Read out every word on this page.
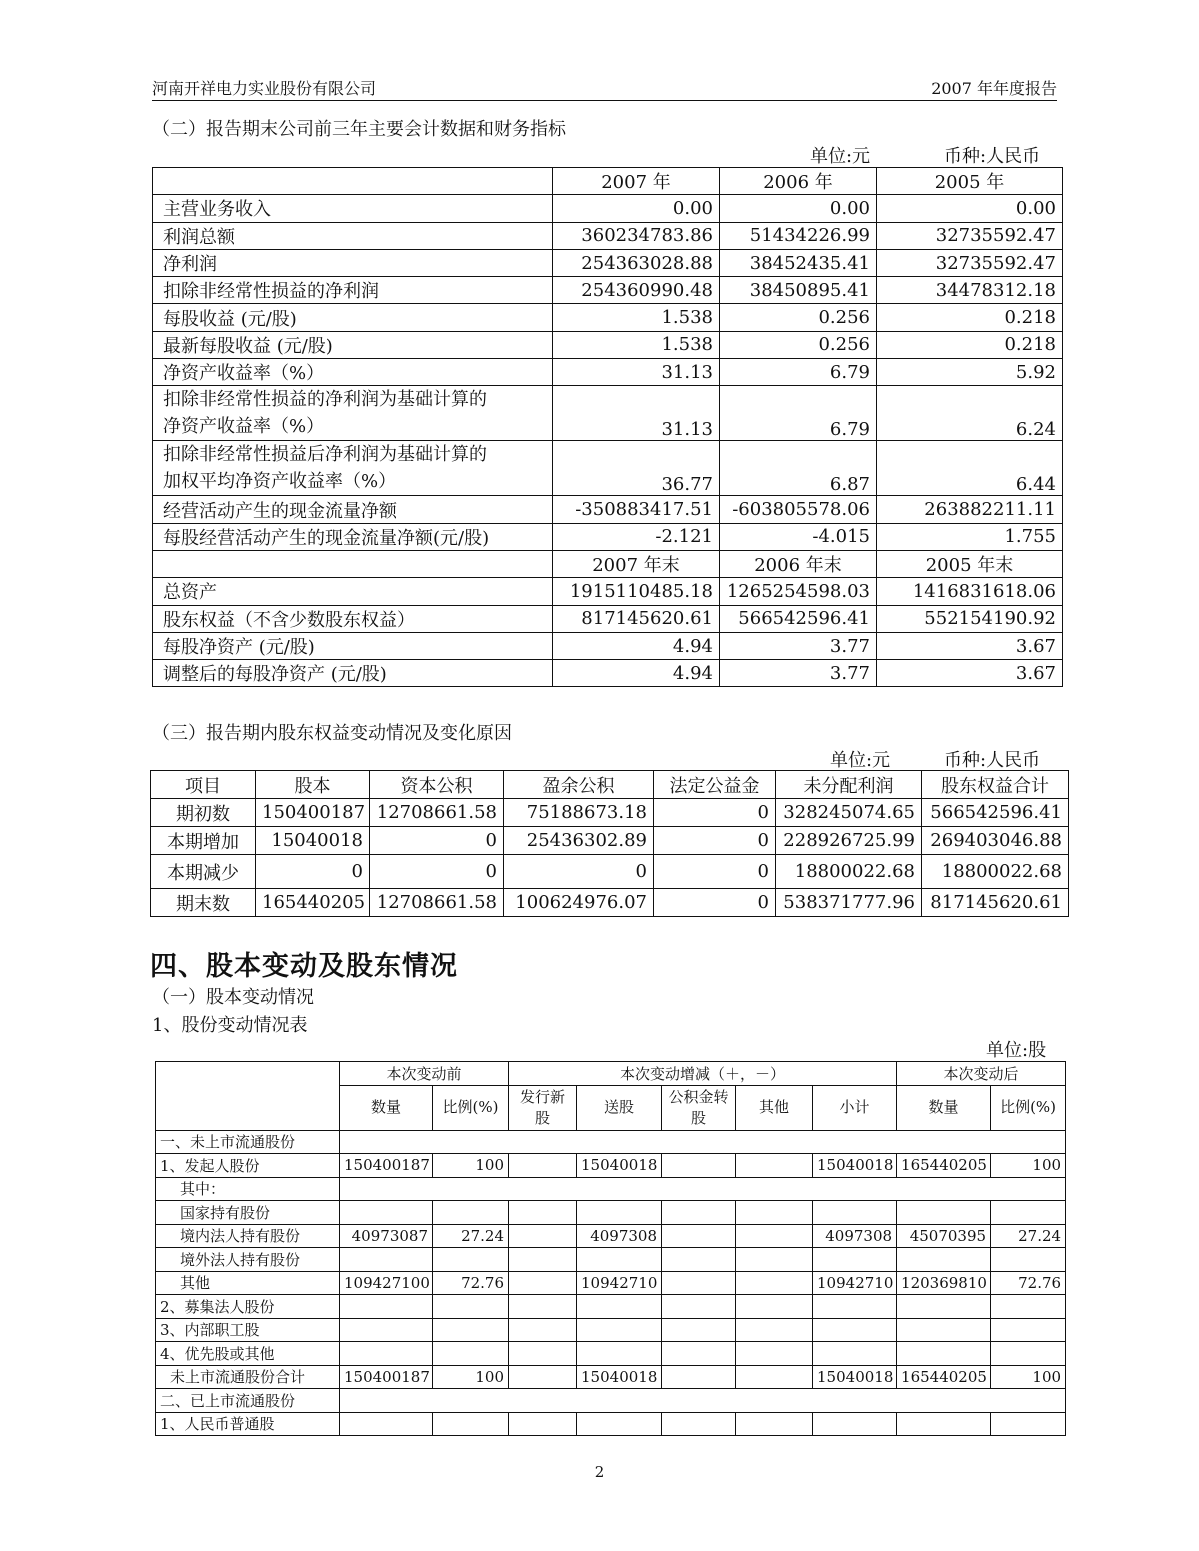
河南开祥电力实业股份有限公司	2007 年年度报告
（二）报告期末公司前三年主要会计数据和财务指标
单位:元	币种:人民币
	2007 年	2006 年	2005 年
主营业务收入	0.00	0.00	0.00
利润总额	360234783.86	51434226.99	32735592.47
净利润	254363028.88	38452435.41	32735592.47
扣除非经常性损益的净利润	254360990.48	38450895.41	34478312.18
每股收益 (元/股)	1.538	0.256	0.218
最新每股收益 (元/股)	1.538	0.256	0.218
净资产收益率（%）	31.13	6.79	5.92

扣除非经常性损益的净利润为基础计算的
净资产收益率（%）	31.13	6.79	6.24

扣除非经常性损益后净利润为基础计算的
加权平均净资产收益率（%）	36.77	6.87	6.44
经营活动产生的现金流量净额	-350883417.51	-603805578.06	263882211.11
每股经营活动产生的现金流量净额(元/股)	-2.121	-4.015	1.755
	2007 年末	2006 年末	2005 年末
总资产	1915110485.18	1265254598.03	1416831618.06
股东权益（不含少数股东权益）	817145620.61	566542596.41	552154190.92
每股净资产 (元/股)	4.94	3.77	3.67
调整后的每股净资产 (元/股)	4.94	3.77	3.67
（三）报告期内股东权益变动情况及变化原因
单位:元	币种:人民币
项目	股本	资本公积	盈余公积	法定公益金	未分配利润	股东权益合计
期初数	150400187	12708661.58	75188673.18	0	328245074.65	566542596.41
本期增加	15040018	0	25436302.89	0	228926725.99	269403046.88
本期减少	0	0	0	0	18800022.68	18800022.68
期末数	165440205	12708661.58	100624976.07	0	538371777.96	817145620.61
四、股本变动及股东情况
（一）股本变动情况
1、股份变动情况表
单位:股
	本次变动前		本次变动增减（＋，－）					本次变动后	
	数量	比例(%)	发行新股	送股	公积金转股	其他	小计	数量	比例(%)
一、未上市流通股份									
1、发起人股份	150400187	100		15040018			15040018	165440205	100
其中：									
国家持有股份									
境内法人持有股份	40973087	27.24		4097308			4097308	45070395	27.24
境外法人持有股份									
其他	109427100	72.76		10942710			10942710	120369810	72.76
2、募集法人股份									
3、内部职工股									
4、优先股或其他									
未上市流通股份合计	150400187	100		15040018			15040018	165440205	100
二、已上市流通股份									
1、人民币普通股									
2
